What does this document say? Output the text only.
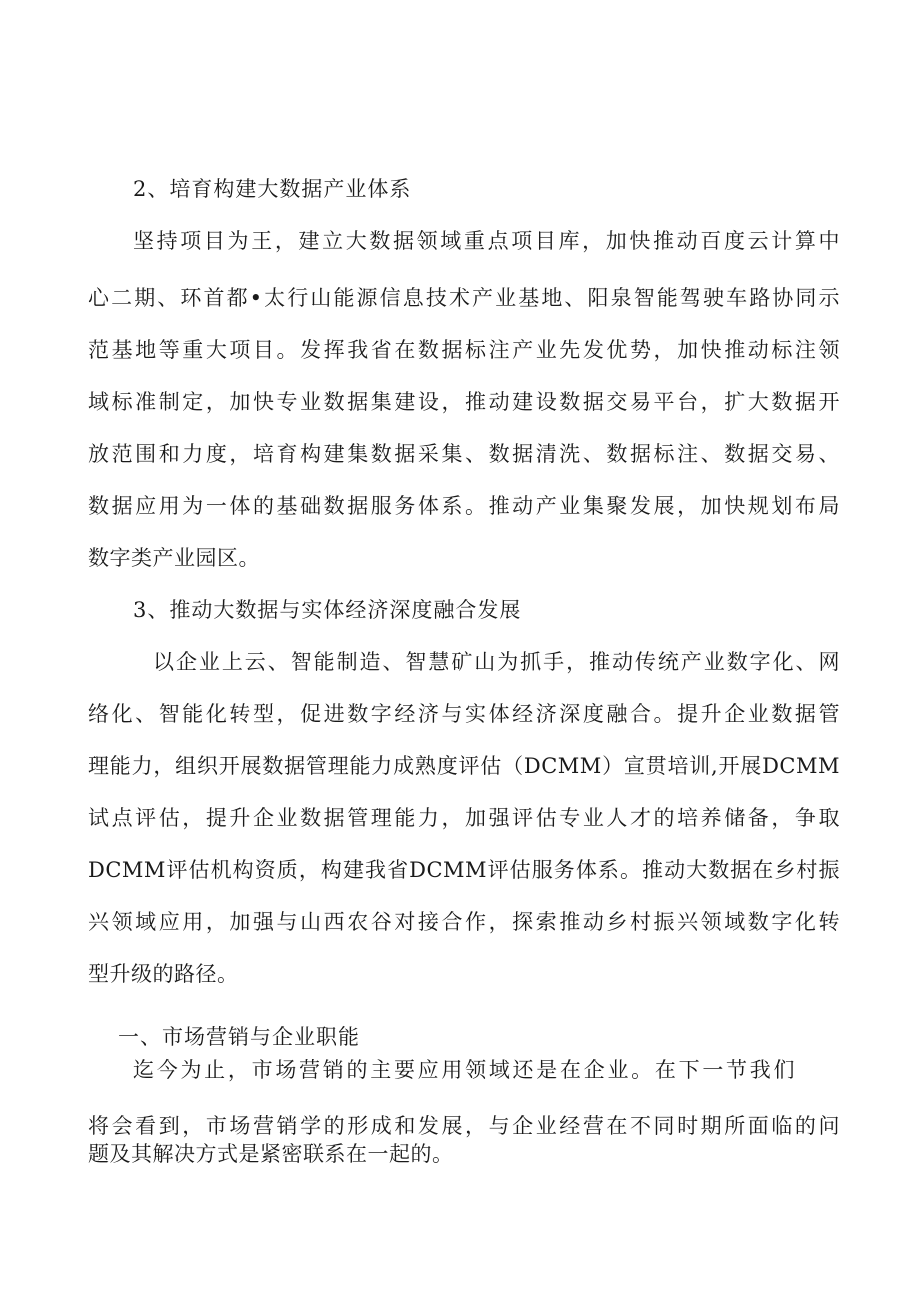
2、培育构建大数据产业体系
坚持项目为王，建立大数据领域重点项目库，加快推动百度云计算中
心二期、环首都•太行山能源信息技术产业基地、阳泉智能驾驶车路协同示
范基地等重大项目。发挥我省在数据标注产业先发优势，加快推动标注领
域标准制定，加快专业数据集建设，推动建设数据交易平台，扩大数据开
放范围和力度，培育构建集数据采集、数据清洗、数据标注、数据交易、
数据应用为一体的基础数据服务体系。推动产业集聚发展，加快规划布局
数字类产业园区。
3、推动大数据与实体经济深度融合发展
以企业上云、智能制造、智慧矿山为抓手，推动传统产业数字化、网
络化、智能化转型，促进数字经济与实体经济深度融合。提升企业数据管
理能力，组织开展数据管理能力成熟度评估（DCMM）宣贯培训,开展DCMM
试点评估，提升企业数据管理能力，加强评估专业人才的培养储备，争取
DCMM评估机构资质，构建我省DCMM评估服务体系。推动大数据在乡村振
兴领域应用，加强与山西农谷对接合作，探索推动乡村振兴领域数字化转
型升级的路径。
一、市场营销与企业职能
迄今为止，市场营销的主要应用领域还是在企业。在下一节我们
将会看到，市场营销学的形成和发展，与企业经营在不同时期所面临的问
题及其解决方式是紧密联系在一起的。
